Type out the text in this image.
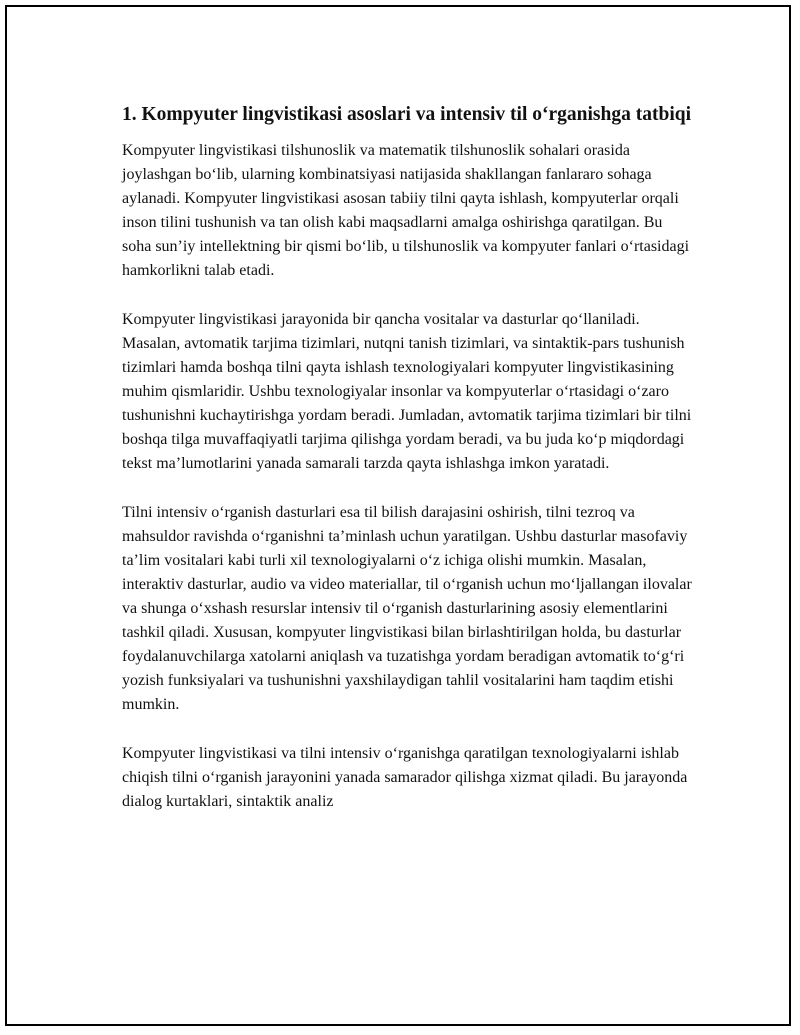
1. Kompyuter lingvistikasi asoslari va intensiv til o‘rganishga tatbiqi

Kompyuter lingvistikasi tilshunoslik va matematik tilshunoslik sohalari orasida joylashgan bo‘lib, ularning kombinatsiyasi natijasida shakllangan fanlararo sohaga aylanadi. Kompyuter lingvistikasi asosan tabiiy tilni qayta ishlash, kompyuterlar orqali inson tilini tushunish va tan olish kabi maqsadlarni amalga oshirishga qaratilgan. Bu soha sun’iy intellektning bir qismi bo‘lib, u tilshunoslik va kompyuter fanlari o‘rtasidagi hamkorlikni talab etadi.

Kompyuter lingvistikasi jarayonida bir qancha vositalar va dasturlar qo‘llaniladi. Masalan, avtomatik tarjima tizimlari, nutqni tanish tizimlari, va sintaktik-pars tushunish tizimlari hamda boshqa tilni qayta ishlash texnologiyalari kompyuter lingvistikasining muhim qismlaridir. Ushbu texnologiyalar insonlar va kompyuterlar o‘rtasidagi o‘zaro tushunishni kuchaytirishga yordam beradi. Jumladan, avtomatik tarjima tizimlari bir tilni boshqa tilga muvaffaqiyatli tarjima qilishga yordam beradi, va bu juda ko‘p miqdordagi tekst ma’lumotlarini yanada samarali tarzda qayta ishlashga imkon yaratadi.

Tilni intensiv o‘rganish dasturlari esa til bilish darajasini oshirish, tilni tezroq va mahsuldor ravishda o‘rganishni ta’minlash uchun yaratilgan. Ushbu dasturlar masofaviy ta’lim vositalari kabi turli xil texnologiyalarni o‘z ichiga olishi mumkin. Masalan, interaktiv dasturlar, audio va video materiallar, til o‘rganish uchun mo‘ljallangan ilovalar va shunga o‘xshash resurslar intensiv til o‘rganish dasturlarining asosiy elementlarini tashkil qiladi. Xususan, kompyuter lingvistikasi bilan birlashtirilgan holda, bu dasturlar foydalanuvchilarga xatolarni aniqlash va tuzatishga yordam beradigan avtomatik to‘g‘ri yozish funksiyalari va tushunishni yaxshilaydigan tahlil vositalarini ham taqdim etishi mumkin.

Kompyuter lingvistikasi va tilni intensiv o‘rganishga qaratilgan texnologiyalarni ishlab chiqish tilni o‘rganish jarayonini yanada samarador qilishga xizmat qiladi. Bu jarayonda dialog kurtaklari, sintaktik analiz
